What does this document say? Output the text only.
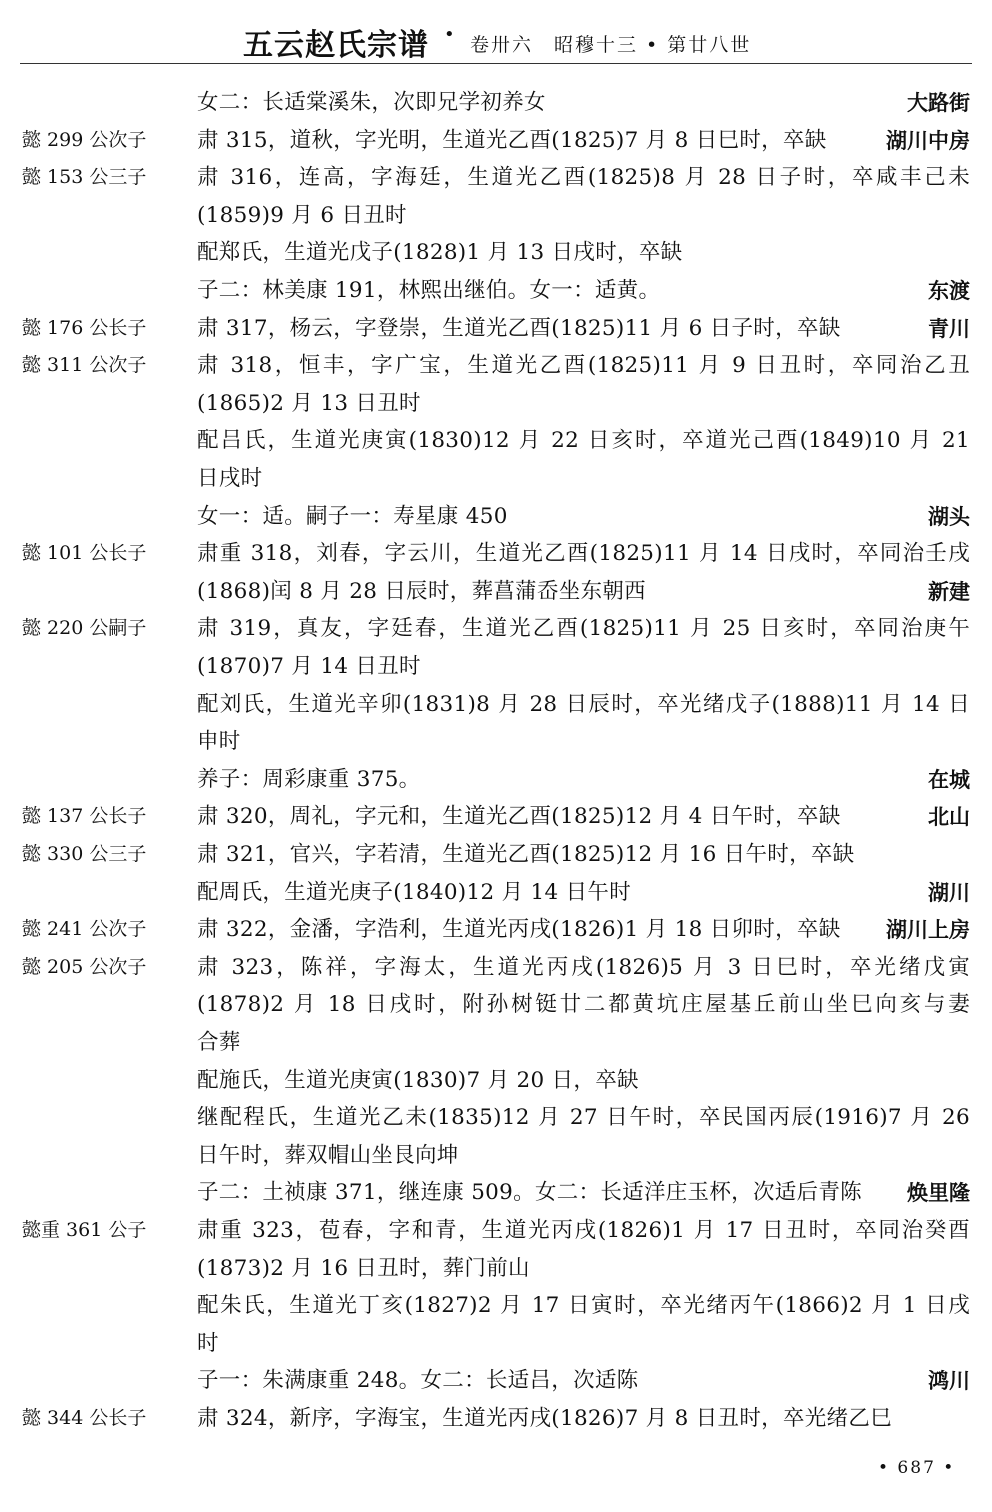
五云赵氏宗谱 • 卷卅六　昭穆十三 • 第廿八世
女二：长适棠溪朱，次即兄学初养女	大路街
懿 299 公次子	肃 315，道秋，字光明，生道光乙酉(1825)7 月 8 日巳时，卒缺	湖川中房
懿 153 公三子	肃 316，连高，字海廷，生道光乙酉(1825)8 月 28 日子时，卒咸丰己未
(1859)9 月 6 日丑时
配郑氏，生道光戊子(1828)1 月 13 日戌时，卒缺
子二：林美康 191，林熙出继伯。女一：适黄。	东渡
懿 176 公长子	肃 317，杨云，字登崇，生道光乙酉(1825)11 月 6 日子时，卒缺	青川
懿 311 公次子	肃 318，恒丰，字广宝，生道光乙酉(1825)11 月 9 日丑时，卒同治乙丑
(1865)2 月 13 日丑时
配吕氏，生道光庚寅(1830)12 月 22 日亥时，卒道光己酉(1849)10 月 21
日戌时
女一：适。嗣子一：寿星康 450	湖头
懿 101 公长子	肃重 318，刘春，字云川，生道光乙酉(1825)11 月 14 日戌时，卒同治壬戌
(1868)闰 8 月 28 日辰时，葬菖蒲岙坐东朝西	新建
懿 220 公嗣子	肃 319，真友，字廷春，生道光乙酉(1825)11 月 25 日亥时，卒同治庚午
(1870)7 月 14 日丑时
配刘氏，生道光辛卯(1831)8 月 28 日辰时，卒光绪戊子(1888)11 月 14 日
申时
养子：周彩康重 375。	在城
懿 137 公长子	肃 320，周礼，字元和，生道光乙酉(1825)12 月 4 日午时，卒缺	北山
懿 330 公三子	肃 321，官兴，字若清，生道光乙酉(1825)12 月 16 日午时，卒缺
配周氏，生道光庚子(1840)12 月 14 日午时	湖川
懿 241 公次子	肃 322，金潘，字浩利，生道光丙戌(1826)1 月 18 日卯时，卒缺	湖川上房
懿 205 公次子	肃 323，陈祥，字海太，生道光丙戌(1826)5 月 3 日巳时，卒光绪戊寅
(1878)2 月 18 日戌时，附孙树铤廿二都黄坑庄屋基丘前山坐巳向亥与妻
合葬
配施氏，生道光庚寅(1830)7 月 20 日，卒缺
继配程氏，生道光乙未(1835)12 月 27 日午时，卒民国丙辰(1916)7 月 26
日午时，葬双帽山坐艮向坤
子二：土祯康 371，继连康 509。女二：长适洋庄玉杯，次适后青陈	焕里隆
懿重 361 公子	肃重 323，苞春，字和青，生道光丙戌(1826)1 月 17 日丑时，卒同治癸酉
(1873)2 月 16 日丑时，葬门前山
配朱氏，生道光丁亥(1827)2 月 17 日寅时，卒光绪丙午(1866)2 月 1 日戌
时
子一：朱满康重 248。女二：长适吕，次适陈	鸿川
懿 344 公长子	肃 324，新序，字海宝，生道光丙戌(1826)7 月 8 日丑时，卒光绪乙巳
• 687 •
